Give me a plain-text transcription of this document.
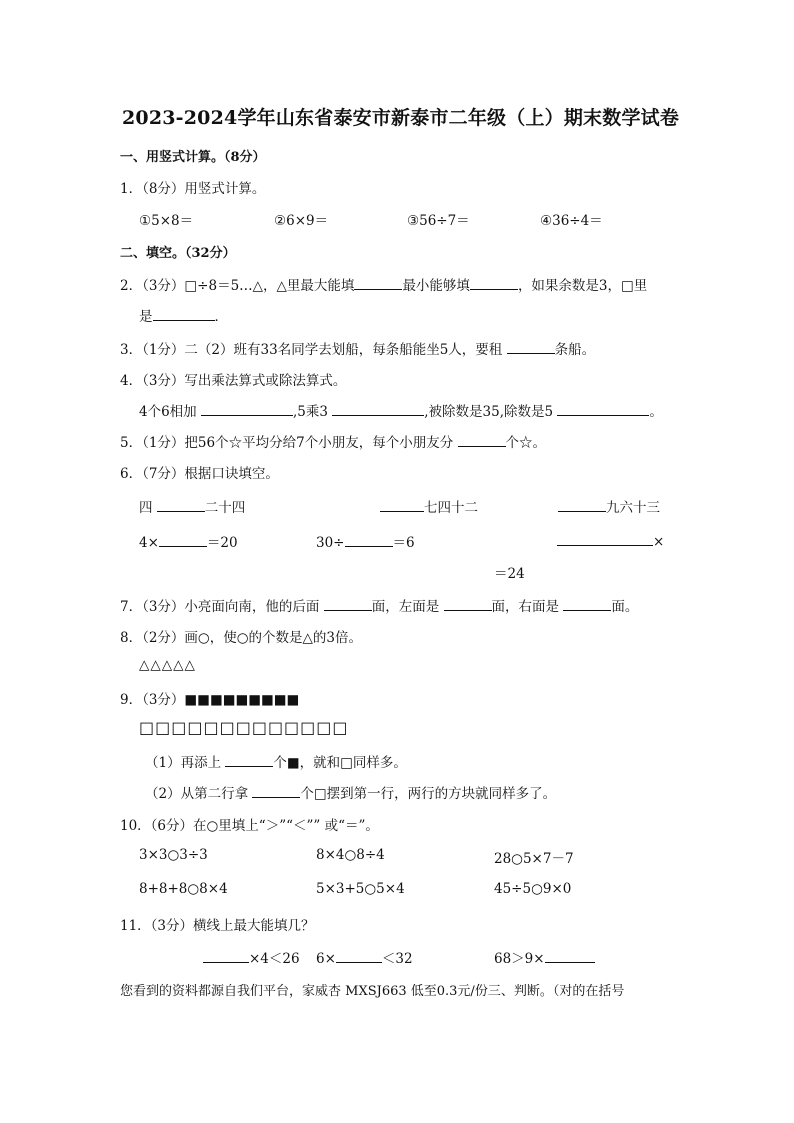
2023-2024学年山东省泰安市新泰市二年级（上）期末数学试卷
一、用竖式计算。（8分）
1．（8分）用竖式计算。
①5×8＝	②6×9＝	③56÷7＝	④36÷4＝
二、填空。（32分）
2．（3分）□÷8＝5…△，△里最大能填	最小能够填	，如果余数是3，□里
是	．
3．（1分）二（2）班有33名同学去划船，每条船能坐5人，要租	条船。
4．（3分）写出乘法算式或除法算式。
4个6相加	,5乘3	,被除数是35,除数是5	。
5．（1分）把56个☆平均分给7个小朋友，每个小朋友分	个☆。
6．（7分）根据口诀填空。
四	二十四	七四十二	九六十三
4×	＝20	30÷	＝6	×
＝24
7．（3分）小亮面向南，他的后面	面，左面是	面，右面是	面。
8．（2分）画○，使○的个数是△的3倍。
△△△△△
9．（3分）■■■■■■■■■
□□□□□□□□□□□□□
（1）再添上	个■，就和□同样多。
（2）从第二行拿	个□摆到第一行，两行的方块就同样多了。
10．（6分）在○里填上“＞”“＜”” 或“＝”。
3×3○3÷3	8×4○8÷4	28○5×7－7
8+8+8○8×4	5×3+5○5×4	45÷5○9×0
11．（3分）横线上最大能填几？
×4＜26 6×	＜32	68＞9×
您看到的资料都源自我们平台，家威杏 MXSJ663 低至0.3元/份三、判断。（对的在括号
